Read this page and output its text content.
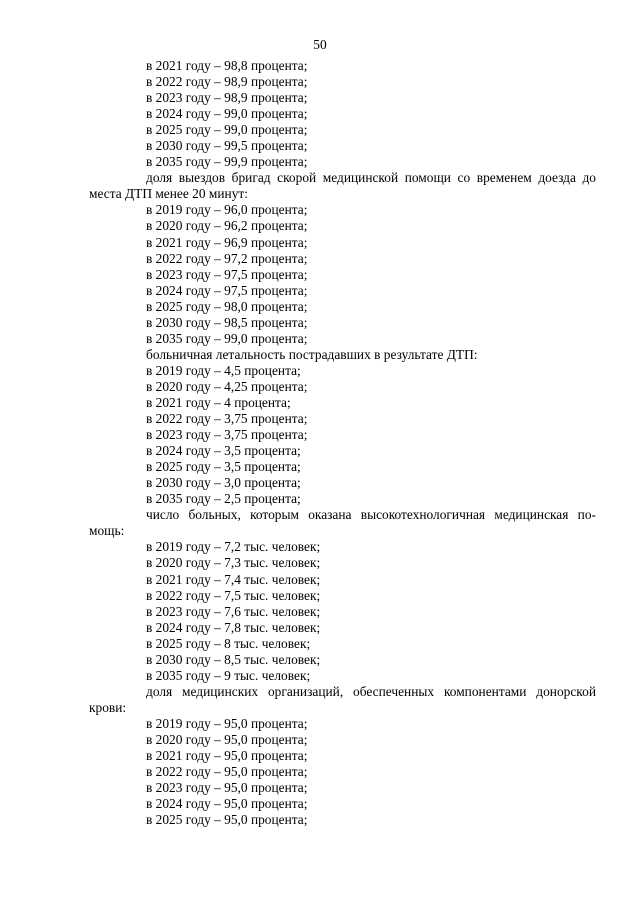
50
в 2021 году – 98,8 процента;
в 2022 году – 98,9 процента;
в 2023 году – 98,9 процента;
в 2024 году – 99,0 процента;
в 2025 году – 99,0 процента;
в 2030 году – 99,5 процента;
в 2035 году – 99,9 процента;
доля выездов бригад скорой медицинской помощи со временем доезда до
места ДТП менее 20 минут:
в 2019 году – 96,0 процента;
в 2020 году – 96,2 процента;
в 2021 году – 96,9 процента;
в 2022 году – 97,2 процента;
в 2023 году – 97,5 процента;
в 2024 году – 97,5 процента;
в 2025 году – 98,0 процента;
в 2030 году – 98,5 процента;
в 2035 году – 99,0 процента;
больничная летальность пострадавших в результате ДТП:
в 2019 году – 4,5 процента;
в 2020 году – 4,25 процента;
в 2021 году – 4 процента;
в 2022 году – 3,75 процента;
в 2023 году – 3,75 процента;
в 2024 году – 3,5 процента;
в 2025 году – 3,5 процента;
в 2030 году – 3,0 процента;
в 2035 году – 2,5 процента;
число больных, которым оказана высокотехнологичная медицинская по-
мощь:
в 2019 году – 7,2 тыс. человек;
в 2020 году – 7,3 тыс. человек;
в 2021 году – 7,4 тыс. человек;
в 2022 году – 7,5 тыс. человек;
в 2023 году – 7,6 тыс. человек;
в 2024 году – 7,8 тыс. человек;
в 2025 году – 8 тыс. человек;
в 2030 году – 8,5 тыс. человек;
в 2035 году – 9 тыс. человек;
доля медицинских организаций, обеспеченных компонентами донорской
крови:
в 2019 году – 95,0 процента;
в 2020 году – 95,0 процента;
в 2021 году – 95,0 процента;
в 2022 году – 95,0 процента;
в 2023 году – 95,0 процента;
в 2024 году – 95,0 процента;
в 2025 году – 95,0 процента;
